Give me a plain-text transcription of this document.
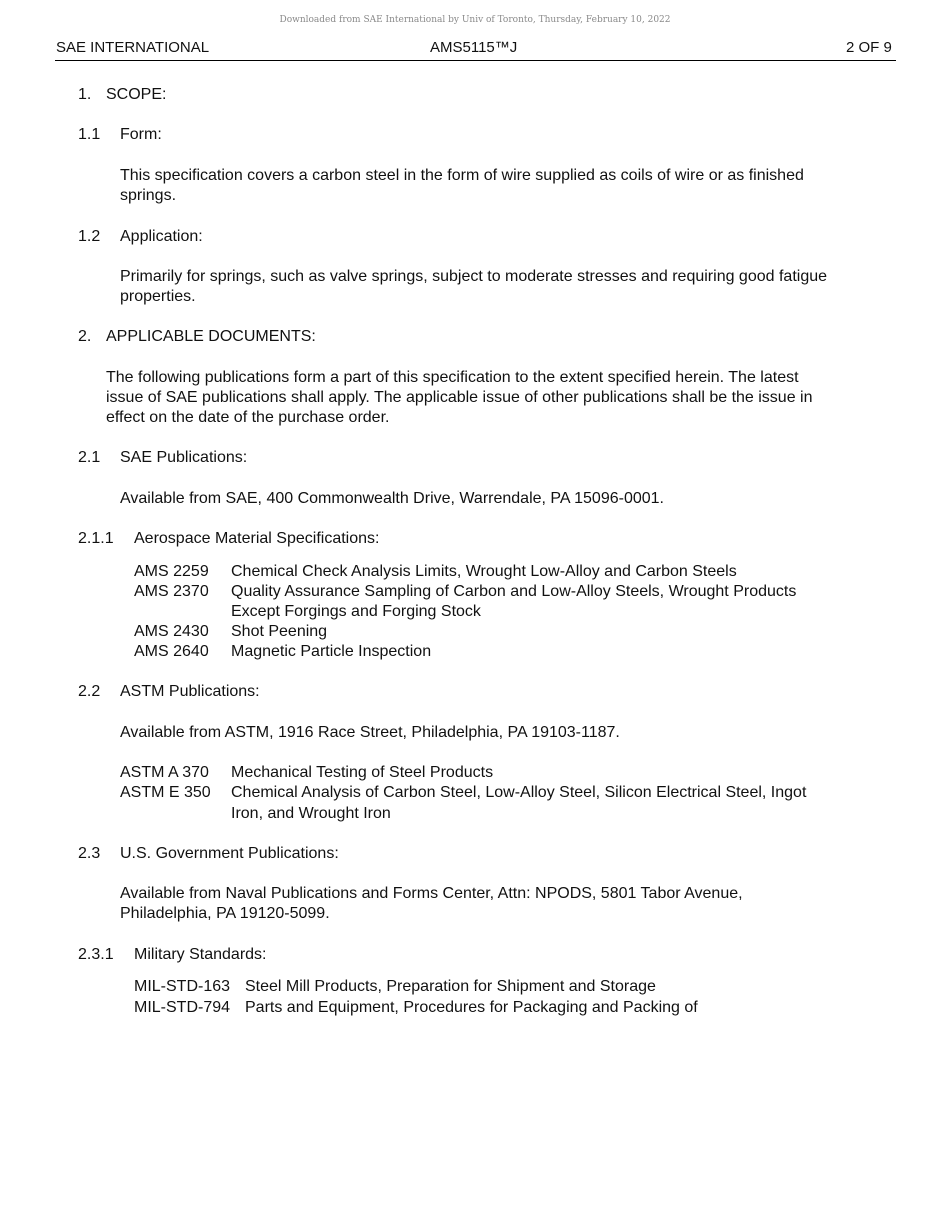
Downloaded from SAE International by Univ of Toronto, Thursday, February 10, 2022
SAE INTERNATIONAL	AMS5115™J	2 OF 9
1. SCOPE:
1.1 Form:
This specification covers a carbon steel in the form of wire supplied as coils of wire or as finished
springs.
1.2 Application:
Primarily for springs, such as valve springs, subject to moderate stresses and requiring good fatigue
properties.
2. APPLICABLE DOCUMENTS:
The following publications form a part of this specification to the extent specified herein. The latest
issue of SAE publications shall apply. The applicable issue of other publications shall be the issue in
effect on the date of the purchase order.
2.1 SAE Publications:
Available from SAE, 400 Commonwealth Drive, Warrendale, PA 15096-0001.
2.1.1 Aerospace Material Specifications:
AMS 2259 Chemical Check Analysis Limits, Wrought Low-Alloy and Carbon Steels
AMS 2370 Quality Assurance Sampling of Carbon and Low-Alloy Steels, Wrought Products
Except Forgings and Forging Stock
AMS 2430 Shot Peening
AMS 2640 Magnetic Particle Inspection
2.2 ASTM Publications:
Available from ASTM, 1916 Race Street, Philadelphia, PA 19103-1187.
ASTM A 370 Mechanical Testing of Steel Products
ASTM E 350 Chemical Analysis of Carbon Steel, Low-Alloy Steel, Silicon Electrical Steel, Ingot
Iron, and Wrought Iron
2.3 U.S. Government Publications:
Available from Naval Publications and Forms Center, Attn: NPODS, 5801 Tabor Avenue,
Philadelphia, PA 19120-5099.
2.3.1 Military Standards:
MIL-STD-163 Steel Mill Products, Preparation for Shipment and Storage
MIL-STD-794 Parts and Equipment, Procedures for Packaging and Packing of
